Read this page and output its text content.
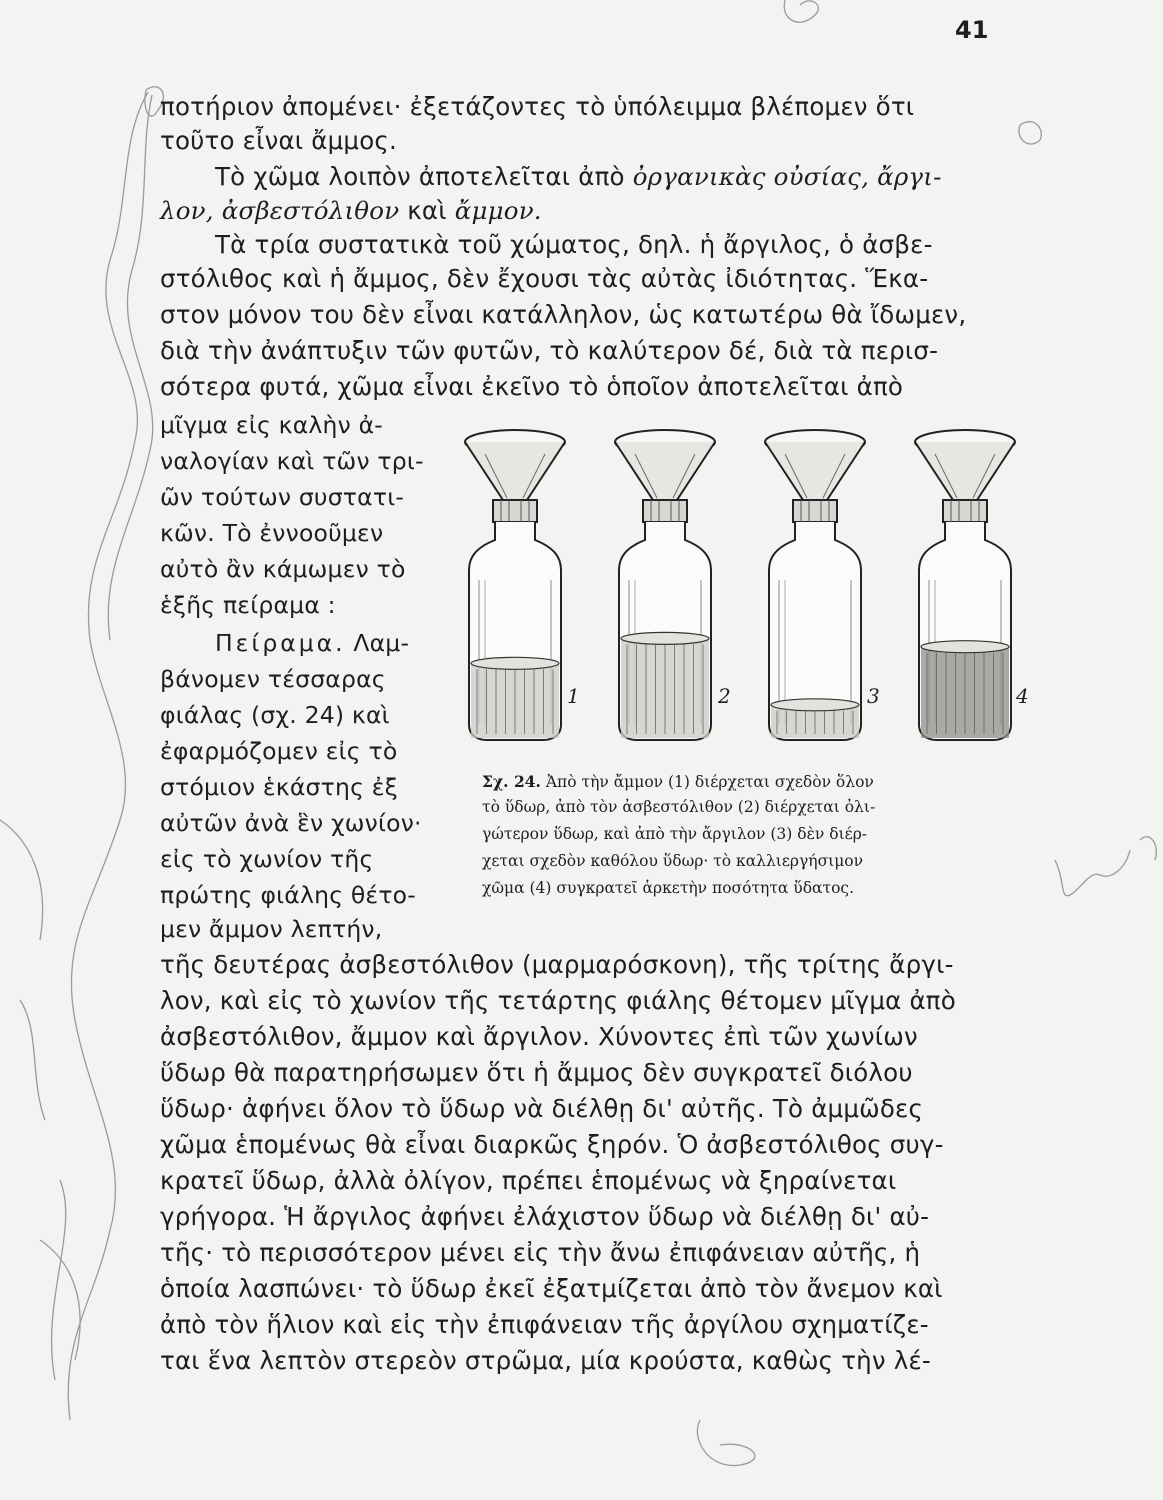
41
ποτήριον ἀπομένει· ἐξετάζοντες τὸ ὑπόλειμμα βλέπομεν ὅτι
τοῦτο εἶναι ἄμμος.
Τὸ χῶμα λοιπὸν ἀποτελεῖται ἀπὸ ὀργανικὰς οὐσίας, ἄργι-
λον, ἀσβεστόλιθον καὶ ἄμμον.
Τὰ τρία συστατικὰ τοῦ χώματος, δηλ. ἡ ἄργιλος, ὁ ἀσβε-
στόλιθος καὶ ἡ ἄμμος, δὲν ἔχουσι τὰς αὐτὰς ἰδιότητας. Ἕκα-
στον μόνον του δὲν εἶναι κατάλληλον, ὡς κατωτέρω θὰ ἴδωμεν,
διὰ τὴν ἀνάπτυξιν τῶν φυτῶν, τὸ καλύτερον δέ, διὰ τὰ περισ-
σότερα φυτά, χῶμα εἶναι ἐκεῖνο τὸ ὁποῖον ἀποτελεῖται ἀπὸ
μῖγμα εἰς καλὴν ἀ-
ναλογίαν καὶ τῶν τρι-
ῶν τούτων συστατι-
κῶν. Τὸ ἐννοοῦμεν
αὐτὸ ἂν κάμωμεν τὸ
ἑξῆς πείραμα :
Πείραμα. Λαμ-
βάνομεν τέσσαρας
φιάλας (σχ. 24) καὶ
ἐφαρμόζομεν εἰς τὸ
στόμιον ἑκάστης ἐξ
αὐτῶν ἀνὰ ἓν χωνίον·
εἰς τὸ χωνίον τῆς
πρώτης φιάλης θέτο-
μεν ἄμμον λεπτήν,
1	2	3	4
Σχ. 24. Ἀπὸ τὴν ἄμμον (1) διέρχεται σχεδὸν ὅλον
τὸ ὕδωρ, ἀπὸ τὸν ἀσβεστόλιθον (2) διέρχεται ὀλι-
γώτερον ὕδωρ, καὶ ἀπὸ τὴν ἄργιλον (3) δὲν διέρ-
χεται σχεδὸν καθόλου ὕδωρ· τὸ καλλιεργήσιμον
χῶμα (4) συγκρατεῖ ἀρκετὴν ποσότητα ὕδατος.
τῆς δευτέρας ἀσβεστόλιθον (μαρμαρόσκονη), τῆς τρίτης ἄργι-
λον, καὶ εἰς τὸ χωνίον τῆς τετάρτης φιάλης θέτομεν μῖγμα ἀπὸ
ἀσβεστόλιθον, ἄμμον καὶ ἄργιλον. Χύνοντες ἐπὶ τῶν χωνίων
ὕδωρ θὰ παρατηρήσωμεν ὅτι ἡ ἄμμος δὲν συγκρατεῖ διόλου
ὕδωρ· ἀφήνει ὅλον τὸ ὕδωρ νὰ διέλθῃ δι' αὐτῆς. Τὸ ἀμμῶδες
χῶμα ἑπομένως θὰ εἶναι διαρκῶς ξηρόν. Ὁ ἀσβεστόλιθος συγ-
κρατεῖ ὕδωρ, ἀλλὰ ὀλίγον, πρέπει ἑπομένως νὰ ξηραίνεται
γρήγορα. Ἡ ἄργιλος ἀφήνει ἐλάχιστον ὕδωρ νὰ διέλθῃ δι' αὐ-
τῆς· τὸ περισσότερον μένει εἰς τὴν ἄνω ἐπιφάνειαν αὐτῆς, ἡ
ὁποία λασπώνει· τὸ ὕδωρ ἐκεῖ ἐξατμίζεται ἀπὸ τὸν ἄνεμον καὶ
ἀπὸ τὸν ἥλιον καὶ εἰς τὴν ἐπιφάνειαν τῆς ἀργίλου σχηματίζε-
ται ἕνα λεπτὸν στερεὸν στρῶμα, μία κρούστα, καθὼς τὴν λέ-
